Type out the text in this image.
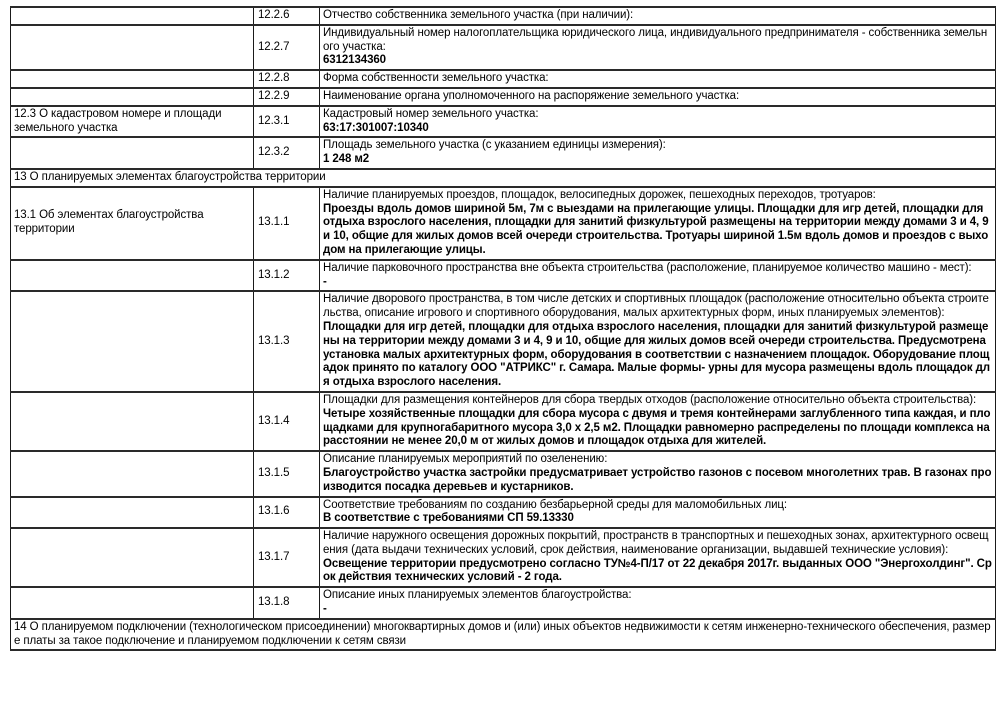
	12.2.6	Отчество собственника земельного участка (при наличии):

	12.2.7	Индивидуальный номер налогоплательщика юридического лица, индивидуального предпринимателя - собственника земельного участка:
6312134360

	12.2.8	Форма собственности земельного участка:

	12.2.9	Наименование органа уполномоченного на распоряжение земельного участка:

12.3 О кадастровом номере и площади земельного участка	12.3.1	Кадастровый номер земельного участка:
63:17:301007:10340

	12.3.2	Площадь земельного участка (с указанием единицы измерения):
1 248 м2

13 О планируемых элементах благоустройства территории		
13.1 Об элементах благоустройства территории	13.1.1	Наличие планируемых проездов, площадок, велосипедных дорожек, пешеходных переходов, тротуаров:
Проезды вдоль домов шириной 5м, 7м с выездами на прилегающие улицы. Площадки для игр детей, площадки для отдыха взрослого населения, площадки для занитий физкультурой размещены на территории между домами 3 и 4, 9 и 10, общие для жилых домов всей очереди строительства. Тротуары шириной 1.5м вдоль домов и проездов с выходом на прилегающие улицы.

	13.1.2	Наличие парковочного пространства вне объекта строительства (расположение, планируемое количество машино - мест):
-

	13.1.3	Наличие дворового пространства, в том числе детских и спортивных площадок (расположение относительно объекта строительства, описание игрового и спортивного оборудования, малых архитектурных форм, иных планируемых элементов):
Площадки для игр детей, площадки для отдыха взрослого населения, площадки для занитий физкультурой размещены на территории между домами 3 и 4, 9 и 10, общие для жилых домов всей очереди строительства. Предусмотрена установка малых архитектурных форм, оборудования в соответствии с назначением площадок. Оборудование площадок принято по каталогу ООО "АТРИКС" г. Самара. Малые формы- урны для мусора размещены вдоль площадок для отдыха взрослого населения.

	13.1.4	Площадки для размещения контейнеров для сбора твердых отходов (расположение относительно объекта строительства):
Четыре хозяйственные площадки для сбора мусора с двумя и тремя контейнерами заглубленного типа каждая, и площадками для крупногабаритного мусора 3,0 х 2,5 м2. Площадки равномерно распределены по площади комплекса на расстоянии не менее 20,0 м от жилых домов и площадок отдыха для жителей.

	13.1.5	Описание планируемых мероприятий по озеленению:
Благоустройство участка застройки предусматривает устройство газонов с посевом многолетних трав. В газонах производится посадка деревьев и кустарников.

	13.1.6	Соответствие требованиям по созданию безбарьерной среды для маломобильных лиц:
В соответствие с требованиями СП 59.13330

	13.1.7	Наличие наружного освещения дорожных покрытий, пространств в транспортных и пешеходных зонах, архитектурного освещения (дата выдачи технических условий, срок действия, наименование организации, выдавшей технические условия):
Освещение территории предусмотрено согласно ТУ№4-П/17 от 22 декабря 2017г. выданных ООО "Энергохолдинг". Срок действия технических условий - 2 года.

	13.1.8	Описание иных планируемых элементов благоустройства:
-

14 О планируемом подключении (технологическом присоединении) многоквартирных домов и (или) иных объектов недвижимости к сетям инженерно-технического обеспечения, размере платы за такое подключение и планируемом подключении к сетям связи		
